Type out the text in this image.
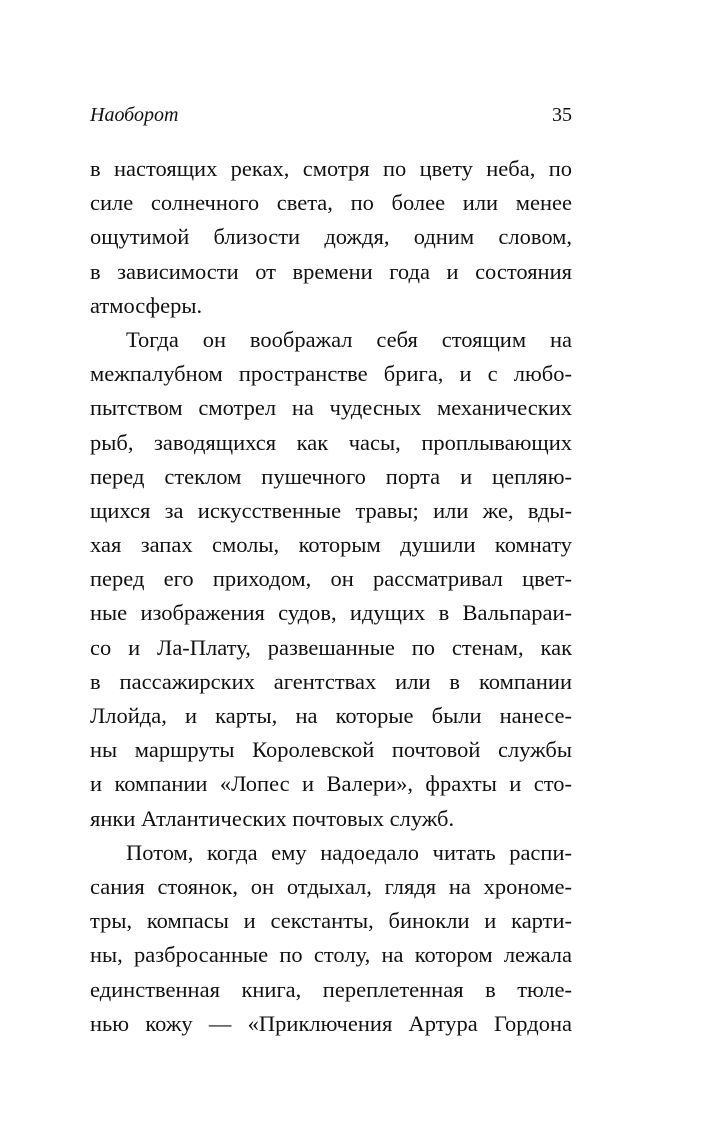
Наоборот	35
в настоящих реках, смотря по цвету неба, по
силе солнечного света, по более или менее
ощутимой близости дождя, одним словом,
в зависимости от времени года и состояния
атмосферы.
Тогда он воображал себя стоящим на
межпалубном пространстве брига, и с любо-
пытством смотрел на чудесных механических
рыб, заводящихся как часы, проплывающих
перед стеклом пушечного порта и цепляю-
щихся за искусственные травы; или же, вды-
хая запах смолы, которым душили комнату
перед его приходом, он рассматривал цвет-
ные изображения судов, идущих в Вальпараи-
со и Ла-Плату, развешанные по стенам, как
в пассажирских агентствах или в компании
Ллойда, и карты, на которые были нанесе-
ны маршруты Королевской почтовой службы
и компании «Лопес и Валери», фрахты и сто-
янки Атлантических почтовых служб.
Потом, когда ему надоедало читать распи-
сания стоянок, он отдыхал, глядя на хрономе-
тры, компасы и секстанты, бинокли и карти-
ны, разбросанные по столу, на котором лежала
единственная книга, переплетенная в тюле-
нью кожу — «Приключения Артура Гордона
